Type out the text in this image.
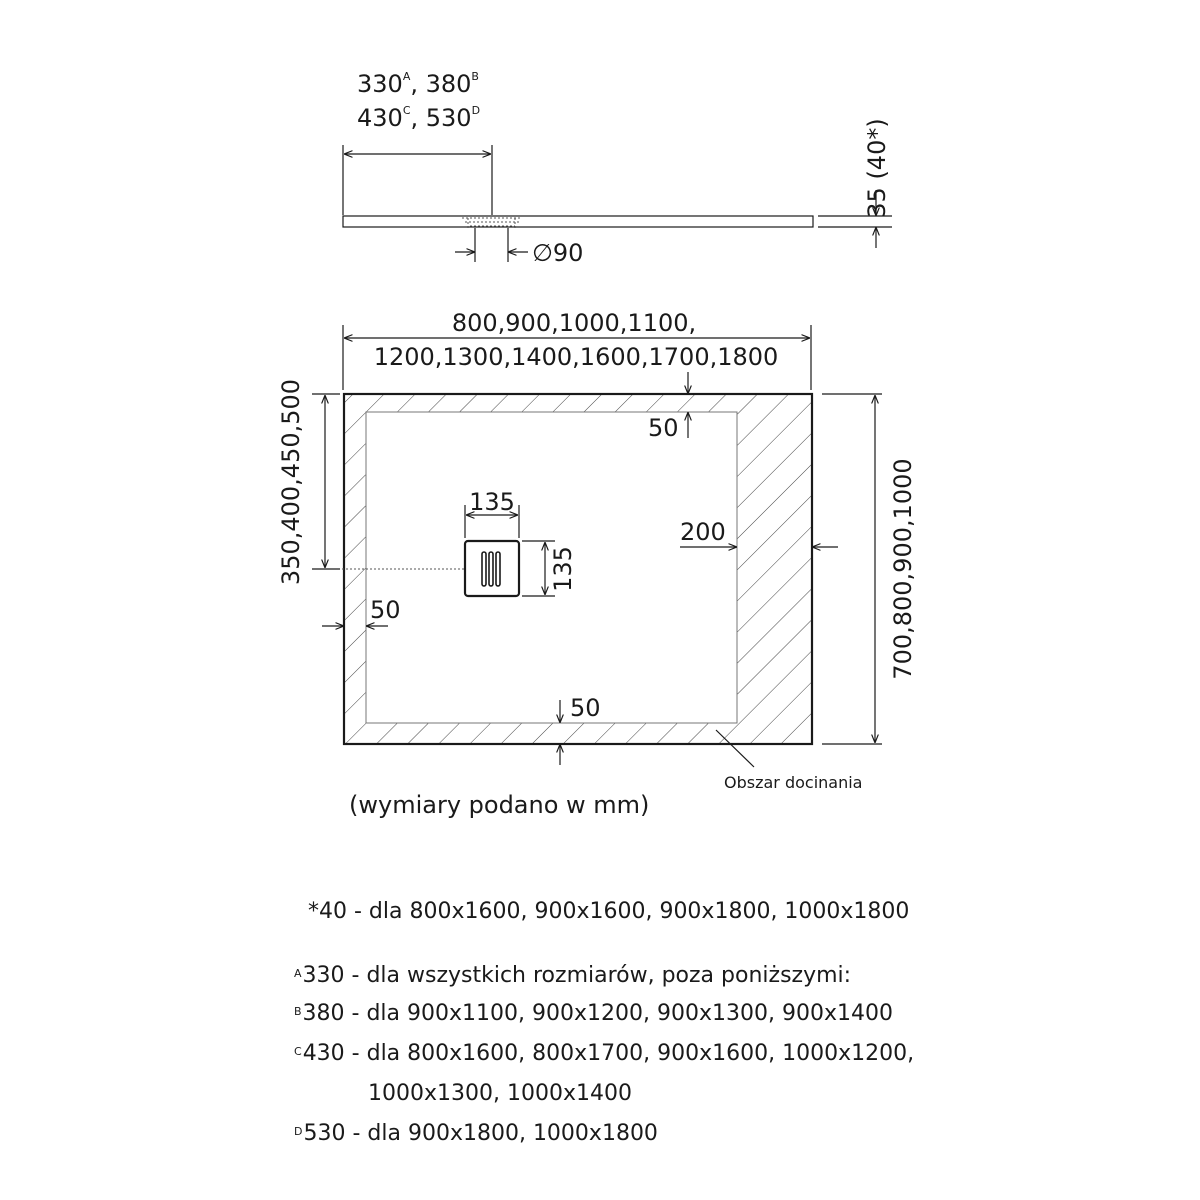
$330^A$, $380^B$
$430^C$, $530^D$
∅90
35 (40*)
800,900,1000,1100,
1200,1300,1400,1600,1700,1800
135
135
350,400,450,500	700,800,900,1000
50
50
50
200
Obszar docinania
(wymiary podano w mm)
*40 - dla 800x1600, 900x1600, 900x1800, 1000x1800
$^A$330 - dla wszystkich rozmiarów, poza poniższymi:
$^B$380 - dla 900x1100, 900x1200, 900x1300, 900x1400
$^C$430 - dla 800x1600, 800x1700, 900x1600, 1000x1200,
1000x1300, 1000x1400
$^D$530 - dla 900x1800, 1000x1800
